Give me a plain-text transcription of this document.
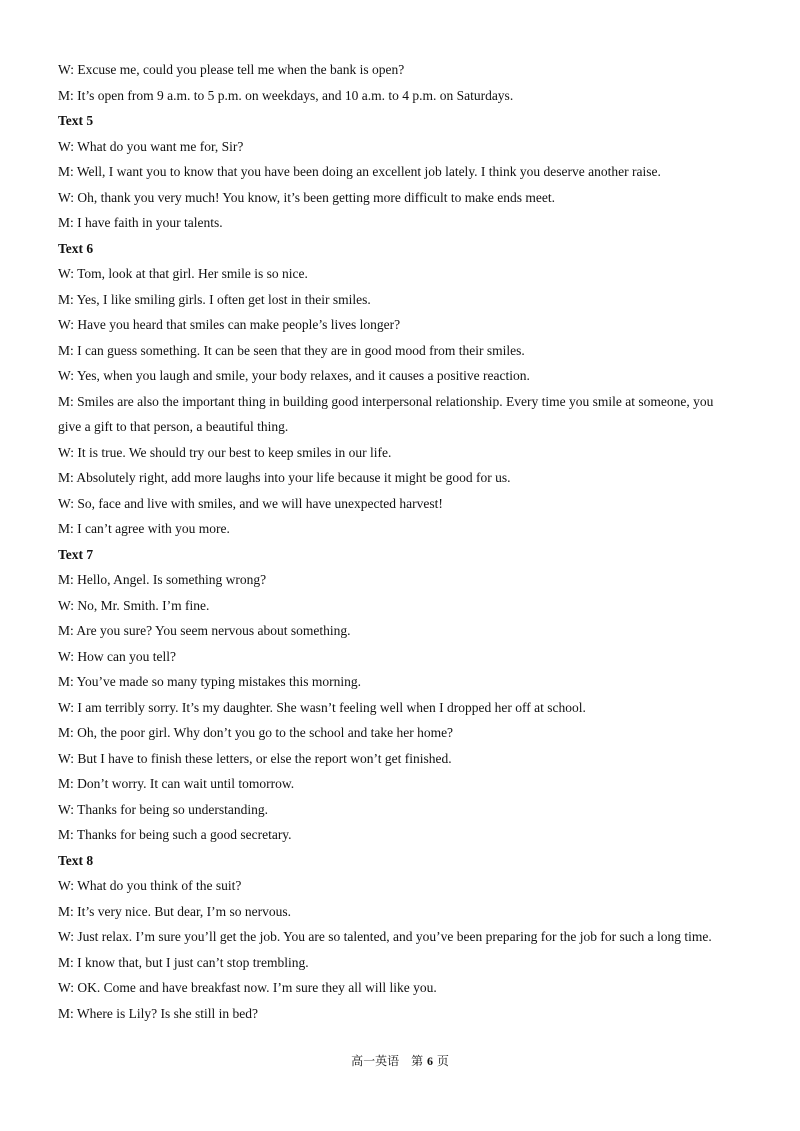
W: Excuse me, could you please tell me when the bank is open?
M: It’s open from 9 a.m. to 5 p.m. on weekdays, and 10 a.m. to 4 p.m. on Saturdays.
Text 5
W: What do you want me for, Sir?
M: Well, I want you to know that you have been doing an excellent job lately. I think you deserve another raise.
W: Oh, thank you very much! You know, it’s been getting more difficult to make ends meet.
M: I have faith in your talents.
Text 6
W: Tom, look at that girl. Her smile is so nice.
M: Yes, I like smiling girls. I often get lost in their smiles.
W: Have you heard that smiles can make people’s lives longer?
M: I can guess something. It can be seen that they are in good mood from their smiles.
W: Yes, when you laugh and smile, your body relaxes, and it causes a positive reaction.
M: Smiles are also the important thing in building good interpersonal relationship. Every time you smile at someone, you
give a gift to that person, a beautiful thing.
W: It is true. We should try our best to keep smiles in our life.
M: Absolutely right, add more laughs into your life because it might be good for us.
W: So, face and live with smiles, and we will have unexpected harvest!
M: I can’t agree with you more.
Text 7
M: Hello, Angel. Is something wrong?
W: No, Mr. Smith. I’m fine.
M: Are you sure? You seem nervous about something.
W: How can you tell?
M: You’ve made so many typing mistakes this morning.
W: I am terribly sorry. It’s my daughter. She wasn’t feeling well when I dropped her off at school.
M: Oh, the poor girl. Why don’t you go to the school and take her home?
W: But I have to finish these letters, or else the report won’t get finished.
M: Don’t worry. It can wait until tomorrow.
W: Thanks for being so understanding.
M: Thanks for being such a good secretary.
Text 8
W: What do you think of the suit?
M: It’s very nice. But dear, I’m so nervous.
W: Just relax. I’m sure you’ll get the job. You are so talented, and you’ve been preparing for the job for such a long time.
M: I know that, but I just can’t stop trembling.
W: OK. Come and have breakfast now. I’m sure they all will like you.
M: Where is Lily? Is she still in bed?
高一英语　第 6 页
